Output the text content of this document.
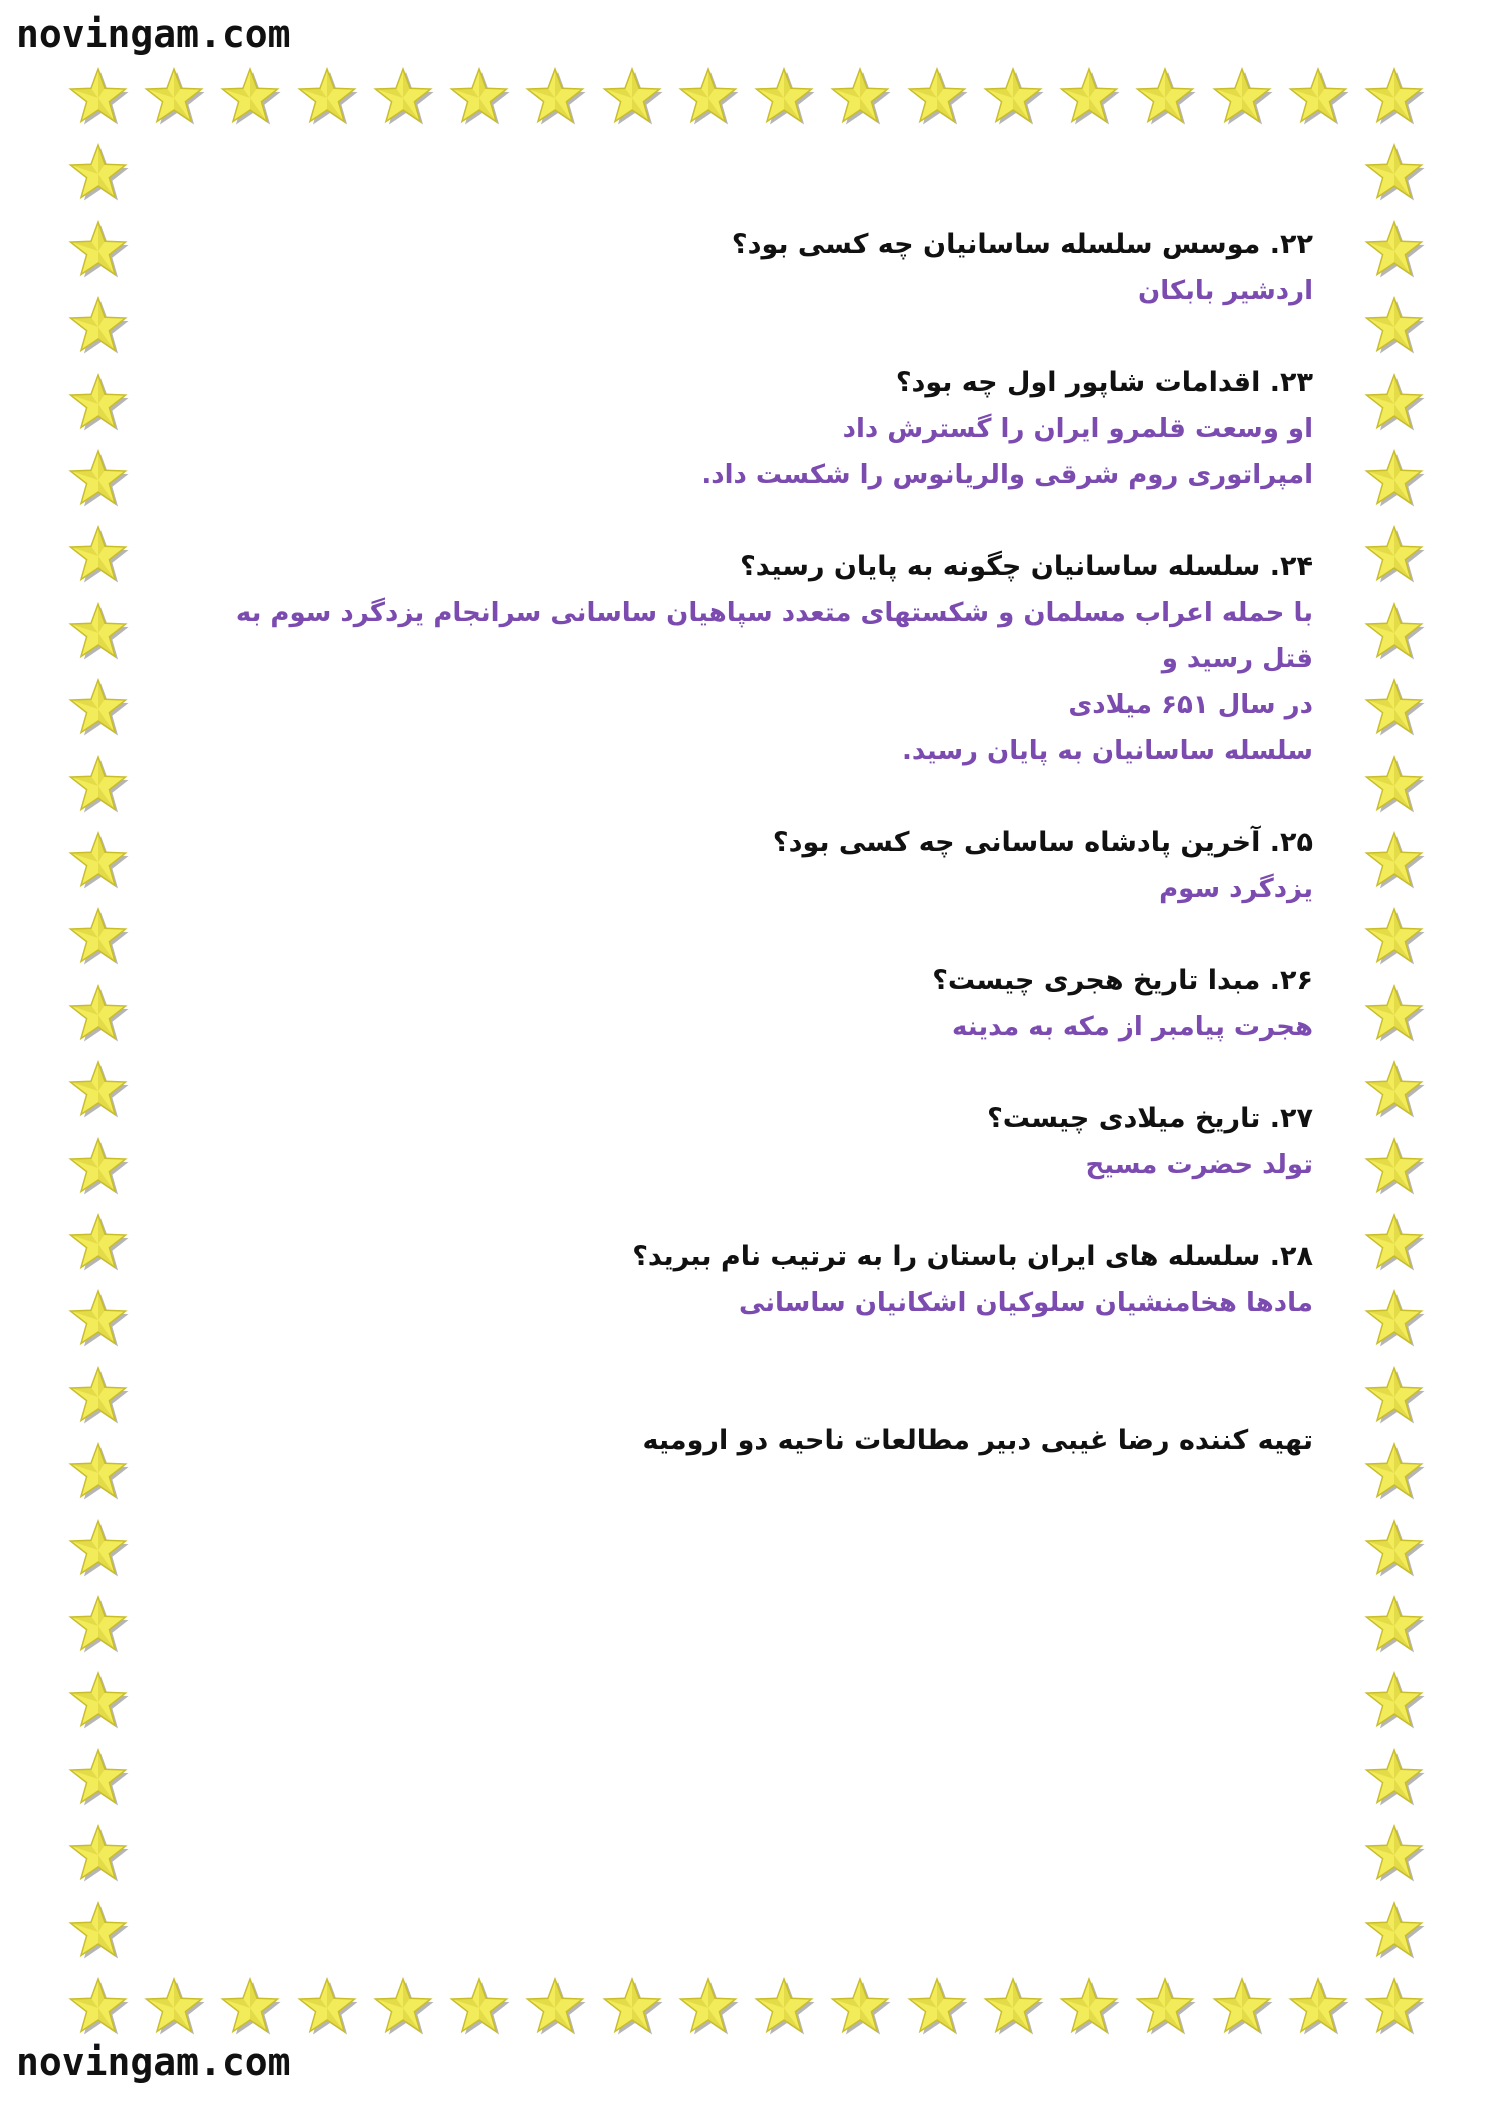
novingam.com
novingam.com
۲۲. موسس سلسله ساسانیان چه کسی بود؟
اردشیر بابکان
۲۳. اقدامات شاپور اول چه بود؟
او وسعت قلمرو ایران را گسترش داد
امپراتوری روم شرقی والریانوس را شکست داد.
۲۴. سلسله ساسانیان چگونه به پایان رسید؟
با حمله اعراب مسلمان و شکستهای متعدد سپاهیان ساسانی سرانجام یزدگرد سوم به قتل رسید و
در سال ۶۵۱ میلادی
سلسله ساسانیان به پایان رسید.
۲۵. آخرین پادشاه ساسانی چه کسی بود؟
یزدگرد سوم
۲۶. مبدا تاریخ هجری چیست؟
هجرت پیامبر از مکه به مدینه
۲۷. تاریخ میلادی چیست؟
تولد حضرت مسیح
۲۸. سلسله های ایران باستان را به ترتیب نام ببرید؟
مادها هخامنشیان سلوکیان اشکانیان ساسانی
تهیه کننده رضا غیبی دبیر مطالعات ناحیه دو ارومیه
